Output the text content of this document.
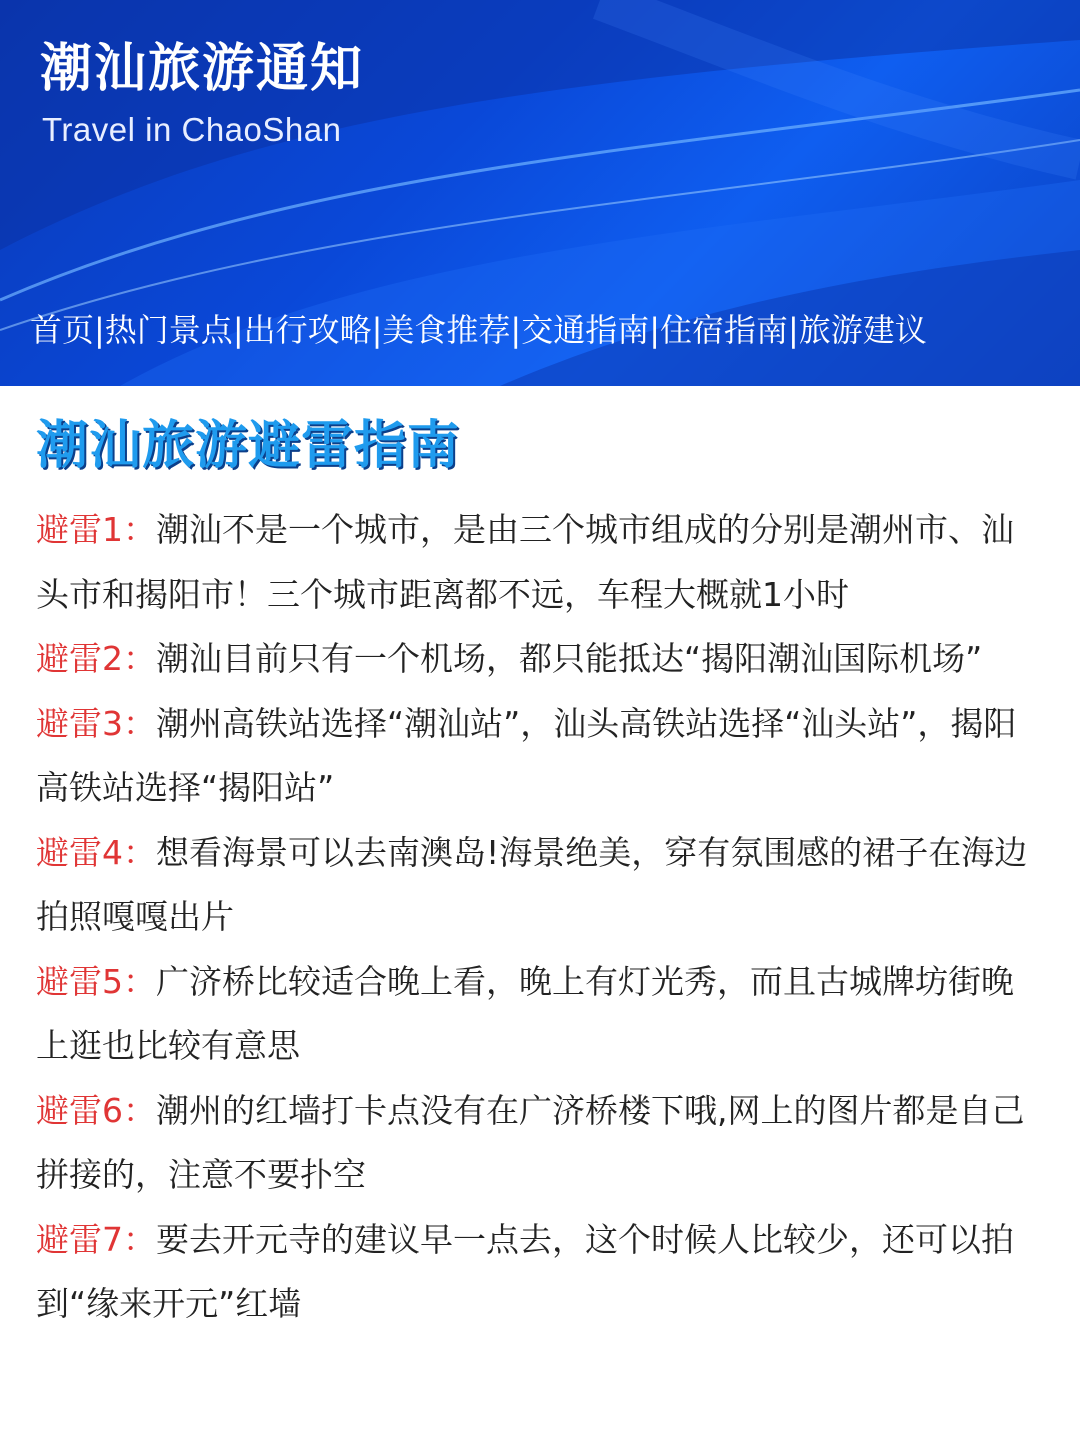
潮汕旅游通知
Travel in ChaoShan
首页|热门景点|出行攻略|美食推荐|交通指南|住宿指南|旅游建议
潮汕旅游避雷指南
避雷1：潮汕不是一个城市，是由三个城市组成的分别是潮州市、汕头市和揭阳市！三个城市距离都不远，车程大概就1小时
避雷2：潮汕目前只有一个机场，都只能抵达“揭阳潮汕国际机场”
避雷3：潮州高铁站选择“潮汕站”，汕头高铁站选择“汕头站”，揭阳高铁站选择“揭阳站”
避雷4：想看海景可以去南澳岛!海景绝美，穿有氛围感的裙子在海边拍照嘎嘎出片
避雷5：广济桥比较适合晚上看，晚上有灯光秀，而且古城牌坊街晚上逛也比较有意思
避雷6：潮州的红墙打卡点没有在广济桥楼下哦,网上的图片都是自己拼接的，注意不要扑空
避雷7：要去开元寺的建议早一点去，这个时候人比较少，还可以拍到“缘来开元”红墙
